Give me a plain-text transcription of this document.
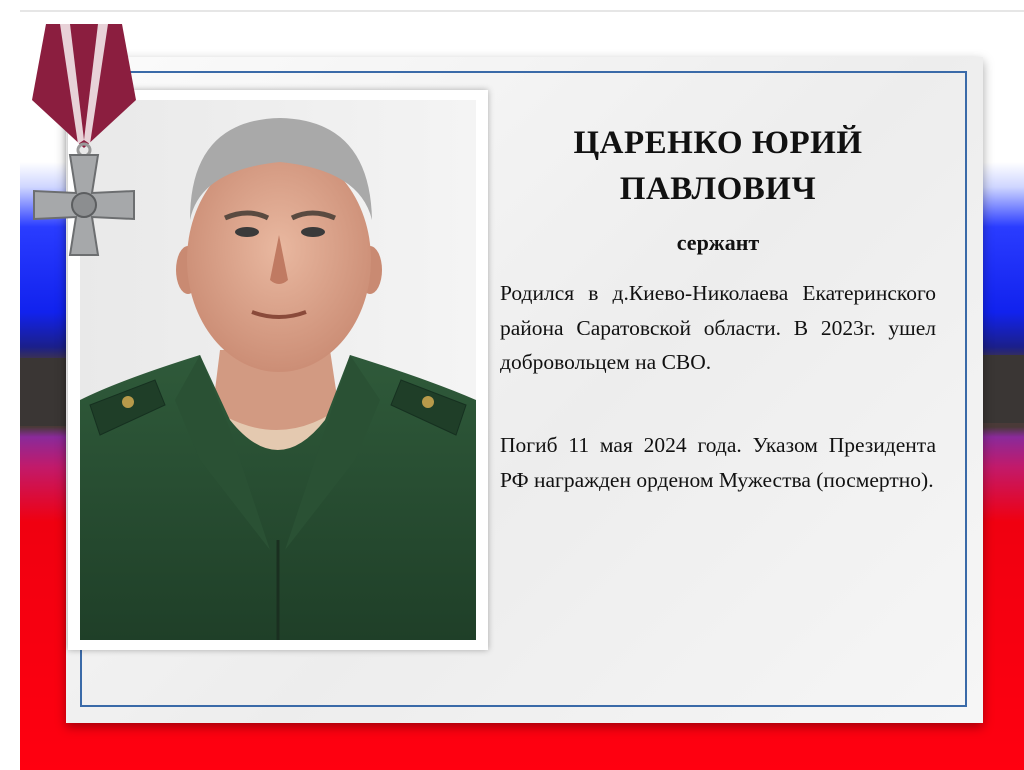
ЦАРЕНКО ЮРИЙ ПАВЛОВИЧ
сержант
Родился в д.Киево-Николаева Екатеринского района Саратовской области. В 2023г. ушел добровольцем на СВО.
Погиб 11 мая 2024 года. Указом Президента РФ награжден орденом Мужества (посмертно).
